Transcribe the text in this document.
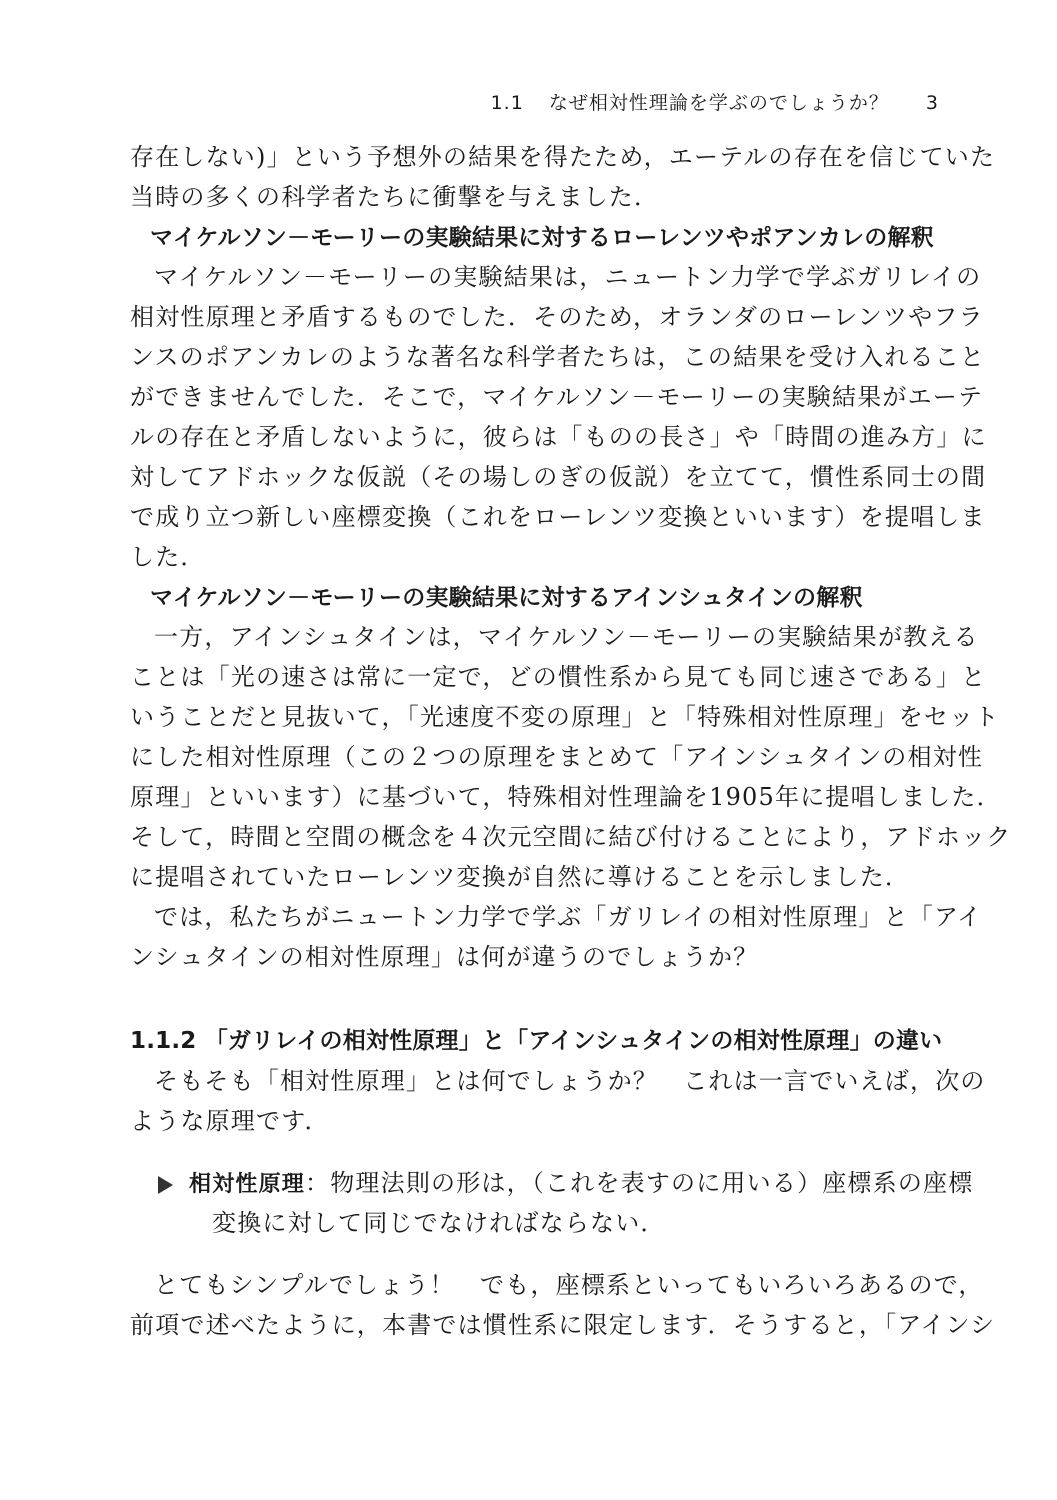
1.1 なぜ相対性理論を学ぶのでしょうか？ 3
存在しない)」という予想外の結果を得たため，エーテルの存在を信じていた
当時の多くの科学者たちに衝撃を与えました．
マイケルソン－モーリーの実験結果に対するローレンツやポアンカレの解釈
マイケルソン－モーリーの実験結果は，ニュートン力学で学ぶガリレイの
相対性原理と矛盾するものでした．そのため，オランダのローレンツやフラ
ンスのポアンカレのような著名な科学者たちは，この結果を受け入れること
ができませんでした．そこで，マイケルソン－モーリーの実験結果がエーテ
ルの存在と矛盾しないように，彼らは「ものの長さ」や「時間の進み方」に
対してアドホックな仮説（その場しのぎの仮説）を立てて，慣性系同士の間
で成り立つ新しい座標変換（これをローレンツ変換といいます）を提唱しま
した．
マイケルソン－モーリーの実験結果に対するアインシュタインの解釈
一方，アインシュタインは，マイケルソン－モーリーの実験結果が教える
ことは「光の速さは常に一定で，どの慣性系から見ても同じ速さである」と
いうことだと見抜いて，「光速度不変の原理」と「特殊相対性原理」をセット
にした相対性原理（この２つの原理をまとめて「アインシュタインの相対性
原理」といいます）に基づいて，特殊相対性理論を1905年に提唱しました．
そして，時間と空間の概念を４次元空間に結び付けることにより，アドホック
に提唱されていたローレンツ変換が自然に導けることを示しました．
では，私たちがニュートン力学で学ぶ「ガリレイの相対性原理」と「アイ
ンシュタインの相対性原理」は何が違うのでしょうか？
1.1.2 「ガリレイの相対性原理」と「アインシュタインの相対性原理」の違い
そもそも「相対性原理」とは何でしょうか？　これは一言でいえば，次の
ような原理です．
相対性原理：物理法則の形は，（これを表すのに用いる）座標系の座標
変換に対して同じでなければならない．
とてもシンプルでしょう！　でも，座標系といってもいろいろあるので，
前項で述べたように，本書では慣性系に限定します．そうすると，「アインシ
